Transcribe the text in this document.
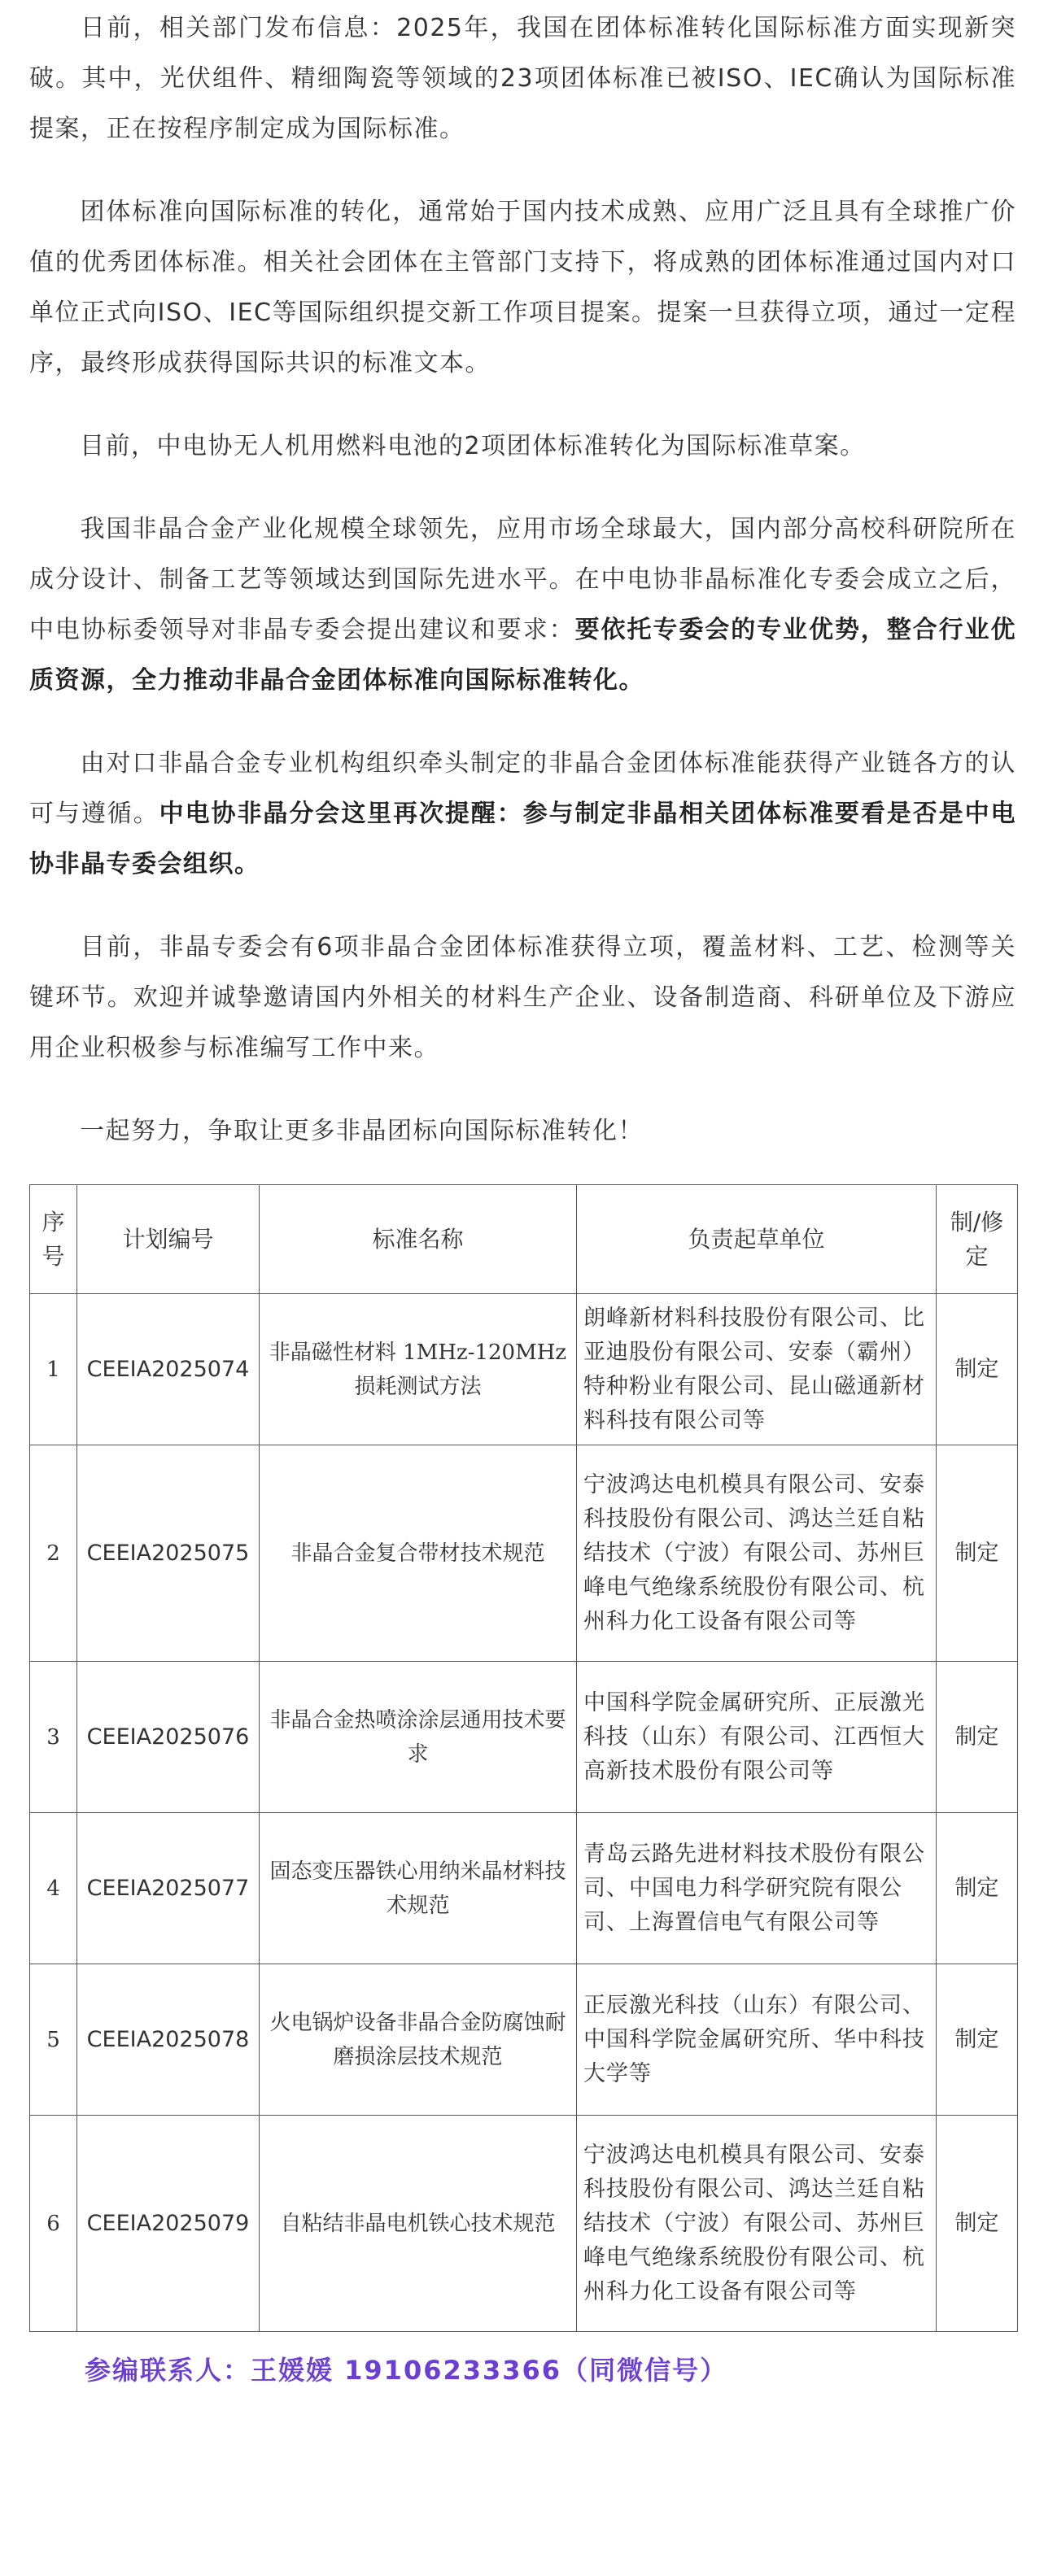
日前，相关部门发布信息：2025年，我国在团体标准转化国际标准方面实现新突破。其中，光伏组件、精细陶瓷等领域的23项团体标准已被ISO、IEC确认为国际标准提案，正在按程序制定成为国际标准。

团体标准向国际标准的转化，通常始于国内技术成熟、应用广泛且具有全球推广价值的优秀团体标准。相关社会团体在主管部门支持下，将成熟的团体标准通过国内对口单位正式向ISO、IEC等国际组织提交新工作项目提案。提案一旦获得立项，通过一定程序，最终形成获得国际共识的标准文本。

目前，中电协无人机用燃料电池的2项团体标准转化为国际标准草案。

我国非晶合金产业化规模全球领先，应用市场全球最大，国内部分高校科研院所在成分设计、制备工艺等领域达到国际先进水平。在中电协非晶标准化专委会成立之后，中电协标委领导对非晶专委会提出建议和要求：要依托专委会的专业优势，整合行业优质资源，全力推动非晶合金团体标准向国际标准转化。

由对口非晶合金专业机构组织牵头制定的非晶合金团体标准能获得产业链各方的认可与遵循。中电协非晶分会这里再次提醒：参与制定非晶相关团体标准要看是否是中电协非晶专委会组织。

目前，非晶专委会有6项非晶合金团体标准获得立项，覆盖材料、工艺、检测等关键环节。欢迎并诚挚邀请国内外相关的材料生产企业、设备制造商、科研单位及下游应用企业积极参与标准编写工作中来。

一起努力，争取让更多非晶团标向国际标准转化！

序号	计划编号	标准名称	负责起草单位	制/修定
1	CEEIA2025074	非晶磁性材料 1MHz-120MHz 损耗测试方法	朗峰新材料科技股份有限公司、比亚迪股份有限公司、安泰（霸州）特种粉业有限公司、昆山磁通新材料科技有限公司等	制定
2	CEEIA2025075	非晶合金复合带材技术规范	宁波鸿达电机模具有限公司、安泰科技股份有限公司、鸿达兰廷自粘结技术（宁波）有限公司、苏州巨峰电气绝缘系统股份有限公司、杭州科力化工设备有限公司等	制定
3	CEEIA2025076	非晶合金热喷涂涂层通用技术要求	中国科学院金属研究所、正辰激光科技（山东）有限公司、江西恒大高新技术股份有限公司等	制定
4	CEEIA2025077	固态变压器铁心用纳米晶材料技术规范	青岛云路先进材料技术股份有限公司、中国电力科学研究院有限公司、上海置信电气有限公司等	制定
5	CEEIA2025078	火电锅炉设备非晶合金防腐蚀耐磨损涂层技术规范	正辰激光科技（山东）有限公司、中国科学院金属研究所、华中科技大学等	制定
6	CEEIA2025079	自粘结非晶电机铁心技术规范	宁波鸿达电机模具有限公司、安泰科技股份有限公司、鸿达兰廷自粘结技术（宁波）有限公司、苏州巨峰电气绝缘系统股份有限公司、杭州科力化工设备有限公司等	制定
参编联系人：王媛媛 19106233366（同微信号）
